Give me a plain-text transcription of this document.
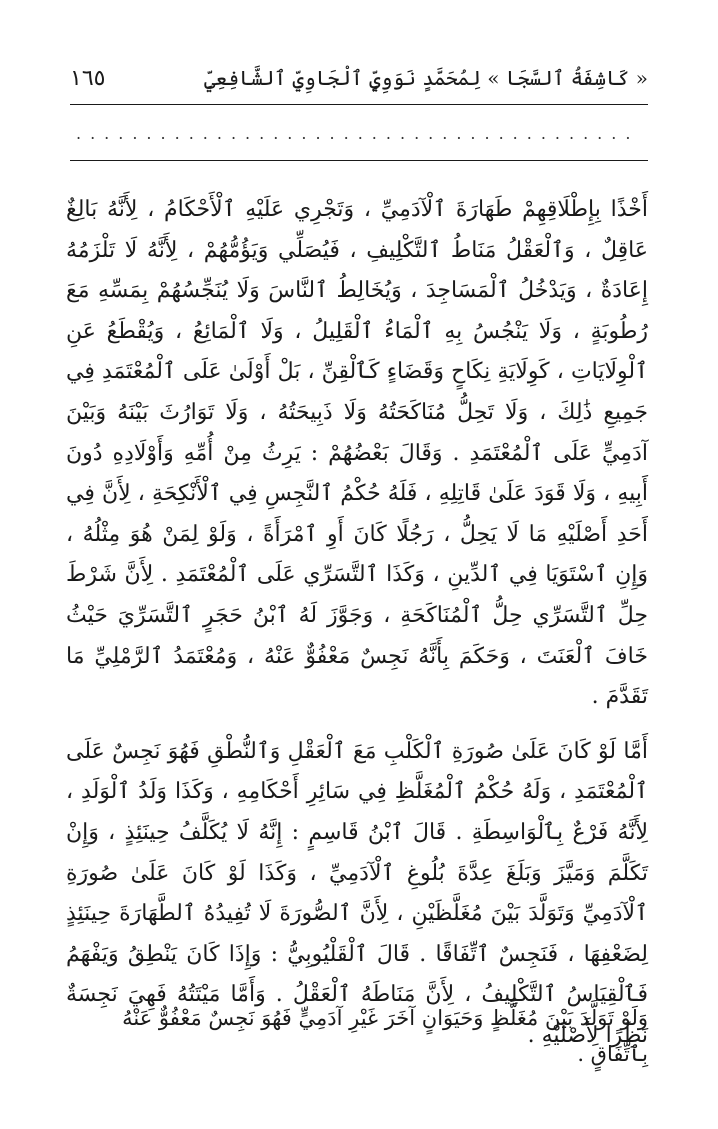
« كَاشِفَةُ ٱلسَّجَا » لِمُحَمَّدٍ نَوَوِيٍّ ٱلْجَاوِيِّ ٱلشَّافِعِيِّ
١٦٥
........................................

أَخْذًا بِإِطْلَاقِهِمْ طَهَارَةَ ٱلْآدَمِيِّ ، وَتَجْرِي عَلَيْهِ ٱلْأَحْكَامُ ، لِأَنَّهُ بَالِغٌ عَاقِلٌ ، وَٱلْعَقْلُ مَنَاطُ ٱلتَّكْلِيفِ ، فَيُصَلِّي وَيَؤُمُّهُمْ ، لِأَنَّهُ لَا تَلْزَمُهُ إِعَادَةٌ ، وَيَدْخُلُ ٱلْمَسَاجِدَ ، وَيُخَالِطُ ٱلنَّاسَ وَلَا يُنَجِّسُهُمْ بِمَسِّهِ مَعَ رُطُوبَةٍ ، وَلَا يَنْجُسُ بِهِ ٱلْمَاءُ ٱلْقَلِيلُ ، وَلَا ٱلْمَائِعُ ، وَيُقْطَعُ عَنِ ٱلْوِلَايَاتِ ، كَوِلَايَةِ نِكَاحٍ وَقَضَاءٍ كَٱلْقِنِّ ، بَلْ أَوْلَىٰ عَلَى ٱلْمُعْتَمَدِ فِي جَمِيعِ ذَٰلِكَ ، وَلَا تَحِلُّ مُنَاكَحَتُهُ وَلَا ذَبِيحَتُهُ ، وَلَا تَوَارُثَ بَيْنَهُ وَبَيْنَ آدَمِيٍّ عَلَى ٱلْمُعْتَمَدِ . وَقَالَ بَعْضُهُمْ : يَرِثُ مِنْ أُمِّهِ وَأَوْلَادِهِ دُونَ أَبِيهِ ، وَلَا قَوَدَ عَلَىٰ قَاتِلِهِ ، فَلَهُ حُكْمُ ٱلنَّجِسِ فِي ٱلْأَنْكِحَةِ ، لِأَنَّ فِي أَحَدِ أَصْلَيْهِ مَا لَا يَحِلُّ ، رَجُلًا كَانَ أَوِ ٱمْرَأَةً ، وَلَوْ لِمَنْ هُوَ مِثْلُهُ ، وَإِنِ ٱسْتَوَيَا فِي ٱلدِّينِ ، وَكَذَا ٱلتَّسَرِّي عَلَى ٱلْمُعْتَمَدِ . لِأَنَّ شَرْطَ حِلِّ ٱلتَّسَرِّي حِلُّ ٱلْمُنَاكَحَةِ ، وَجَوَّزَ لَهُ ٱبْنُ حَجَرٍ ٱلتَّسَرِّيَ حَيْثُ خَافَ ٱلْعَنَتَ ، وَحَكَمَ بِأَنَّهُ نَجِسٌ مَعْفُوٌّ عَنْهُ ، وَمُعْتَمَدُ ٱلرَّمْلِيِّ مَا تَقَدَّمَ .

أَمَّا لَوْ كَانَ عَلَىٰ صُورَةِ ٱلْكَلْبِ مَعَ ٱلْعَقْلِ وَٱلنُّطْقِ فَهُوَ نَجِسٌ عَلَى ٱلْمُعْتَمَدِ ، وَلَهُ حُكْمُ ٱلْمُغَلَّظِ فِي سَائِرِ أَحْكَامِهِ ، وَكَذَا وَلَدُ ٱلْوَلَدِ ، لِأَنَّهُ فَرْعٌ بِٱلْوَاسِطَةِ . قَالَ ٱبْنُ قَاسِمٍ : إِنَّهُ لَا يُكَلَّفُ حِينَئِذٍ ، وَإِنْ تَكَلَّمَ وَمَيَّزَ وَبَلَغَ عِدَّةَ بُلُوغِ ٱلْآدَمِيِّ ، وَكَذَا لَوْ كَانَ عَلَىٰ صُورَةِ ٱلْآدَمِيِّ وَتَوَلَّدَ بَيْنَ مُغَلَّظَيْنِ ، لِأَنَّ ٱلصُّورَةَ لَا تُفِيدُهُ ٱلطَّهَارَةَ حِينَئِذٍ لِضَعْفِهَا ، فَنَجِسٌ ٱتِّفَاقًا . قَالَ ٱلْقَلْيُوبِيُّ : وَإِذَا كَانَ يَنْطِقُ وَيَفْهَمُ فَٱلْقِيَاسُ ٱلتَّكْلِيفُ ، لِأَنَّ مَنَاطَهُ ٱلْعَقْلُ . وَأَمَّا مَيْتَتُهُ فَهِيَ نَجِسَةٌ نَظَرًا لِأَصْلَيْهِ .

وَلَوْ تَوَلَّدَ بَيْنَ مُغَلَّظٍ وَحَيَوَانٍ آخَرَ غَيْرِ آدَمِيٍّ فَهُوَ نَجِسٌ مَعْفُوٌّ عَنْهُ بِٱتِّفَاقٍ .
